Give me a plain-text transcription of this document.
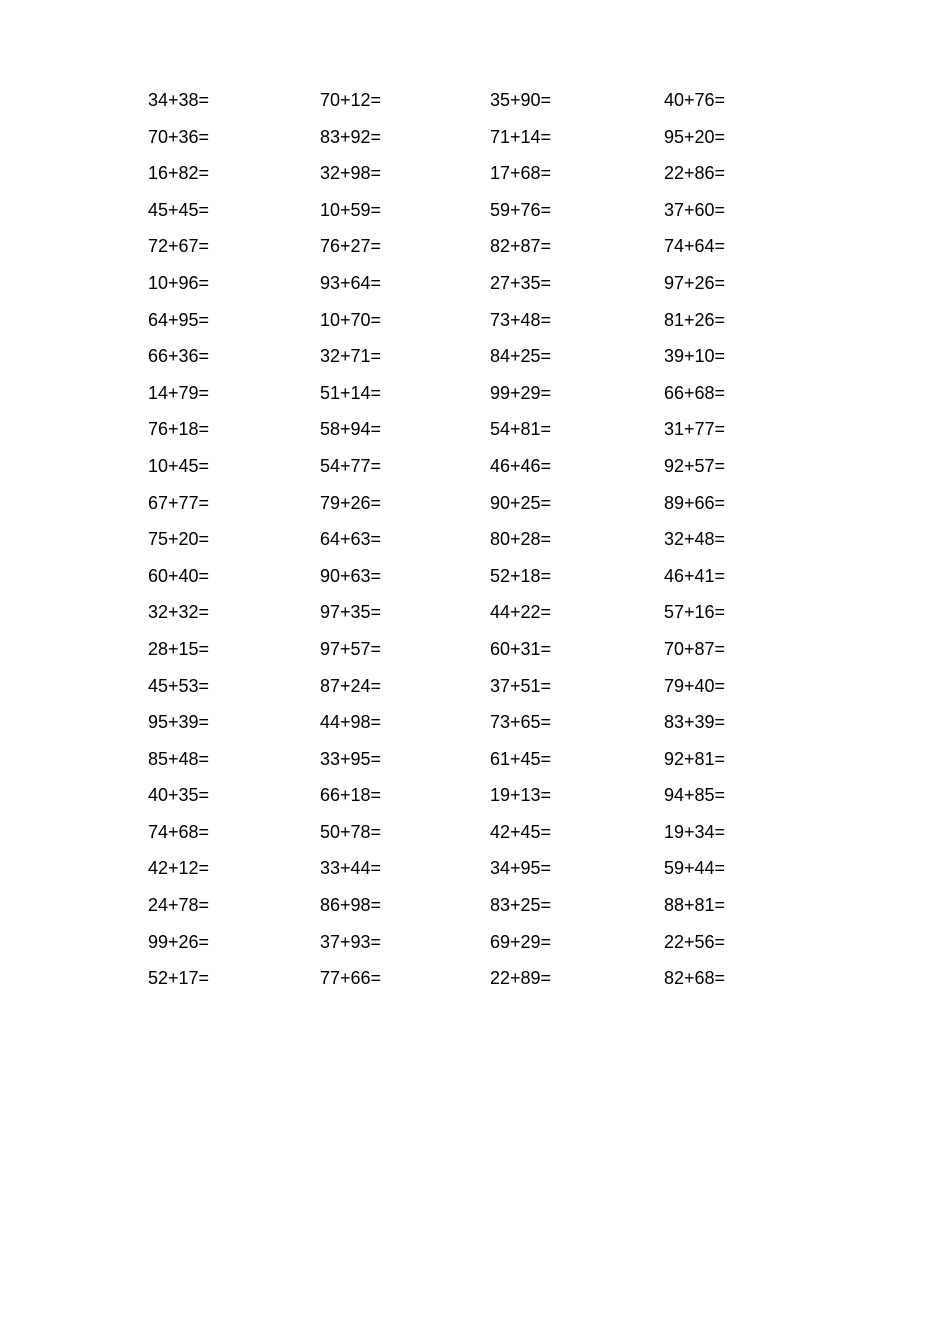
34+38=	70+12=	35+90=	40+76=
70+36=	83+92=	71+14=	95+20=
16+82=	32+98=	17+68=	22+86=
45+45=	10+59=	59+76=	37+60=
72+67=	76+27=	82+87=	74+64=
10+96=	93+64=	27+35=	97+26=
64+95=	10+70=	73+48=	81+26=
66+36=	32+71=	84+25=	39+10=
14+79=	51+14=	99+29=	66+68=
76+18=	58+94=	54+81=	31+77=
10+45=	54+77=	46+46=	92+57=
67+77=	79+26=	90+25=	89+66=
75+20=	64+63=	80+28=	32+48=
60+40=	90+63=	52+18=	46+41=
32+32=	97+35=	44+22=	57+16=
28+15=	97+57=	60+31=	70+87=
45+53=	87+24=	37+51=	79+40=
95+39=	44+98=	73+65=	83+39=
85+48=	33+95=	61+45=	92+81=
40+35=	66+18=	19+13=	94+85=
74+68=	50+78=	42+45=	19+34=
42+12=	33+44=	34+95=	59+44=
24+78=	86+98=	83+25=	88+81=
99+26=	37+93=	69+29=	22+56=
52+17=	77+66=	22+89=	82+68=
